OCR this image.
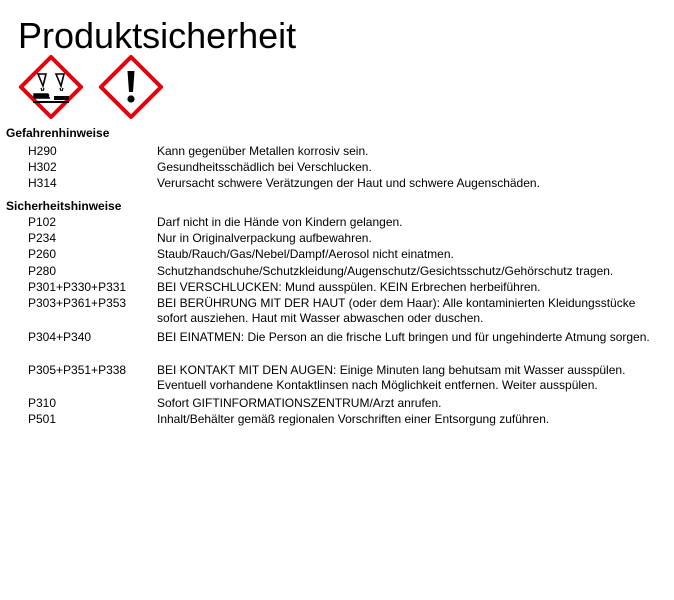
Produktsicherheit
Gefahrenhinweise
H290	Kann gegenüber Metallen korrosiv sein.
H302	Gesundheitsschädlich bei Verschlucken.
H314	Verursacht schwere Verätzungen der Haut und schwere Augenschäden.
Sicherheitshinweise
P102	Darf nicht in die Hände von Kindern gelangen.
P234	Nur in Originalverpackung aufbewahren.
P260	Staub/Rauch/Gas/Nebel/Dampf/Aerosol nicht einatmen.
P280	Schutzhandschuhe/Schutzkleidung/Augenschutz/Gesichtsschutz/Gehörschutz tragen.
P301+P330+P331	BEI VERSCHLUCKEN: Mund ausspülen. KEIN Erbrechen herbeiführen.
P303+P361+P353	BEI BERÜHRUNG MIT DER HAUT (oder dem Haar): Alle kontaminierten Kleidungsstücke sofort ausziehen. Haut mit Wasser abwaschen oder duschen.
P304+P340	BEI EINATMEN: Die Person an die frische Luft bringen und für ungehinderte Atmung sorgen.
P305+P351+P338	BEI KONTAKT MIT DEN AUGEN: Einige Minuten lang behutsam mit Wasser ausspülen. Eventuell vorhandene Kontaktlinsen nach Möglichkeit entfernen. Weiter ausspülen.
P310	Sofort GIFTINFORMATIONSZENTRUM/Arzt anrufen.
P501	Inhalt/Behälter gemäß regionalen Vorschriften einer Entsorgung zuführen.
